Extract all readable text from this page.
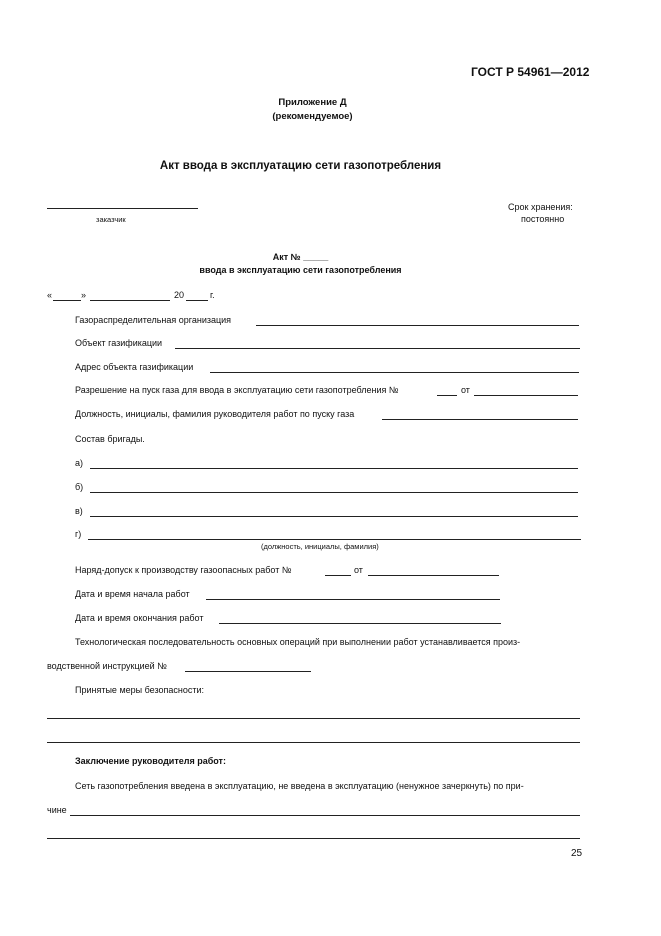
ГОСТ Р 54961—2012
Приложение Д
(рекомендуемое)
Акт ввода в эксплуатацию сети газопотребления
заказчик
Срок хранения:
постоянно
Акт № _____
ввода в эксплуатацию сети газопотребления
«	»	20	г.
Газораспределительная организация
Объект газификации
Адрес объекта газификации
Разрешение на пуск газа для ввода в эксплуатацию сети газопотребления №	от
Должность, инициалы, фамилия руководителя работ по пуску газа
Состав бригады.
а)
б)
в)
г)
(должность, инициалы, фамилия)
Наряд-допуск к производству газоопасных работ №	от
Дата и время начала работ
Дата и время окончания работ
Технологическая последовательность основных операций при выполнении работ устанавливается произ-
водственной инструкцией №
Принятые меры безопасности:
Заключение руководителя работ:
Сеть газопотребления введена в эксплуатацию, не введена в эксплуатацию (ненужное зачеркнуть) по при-
чине
25
